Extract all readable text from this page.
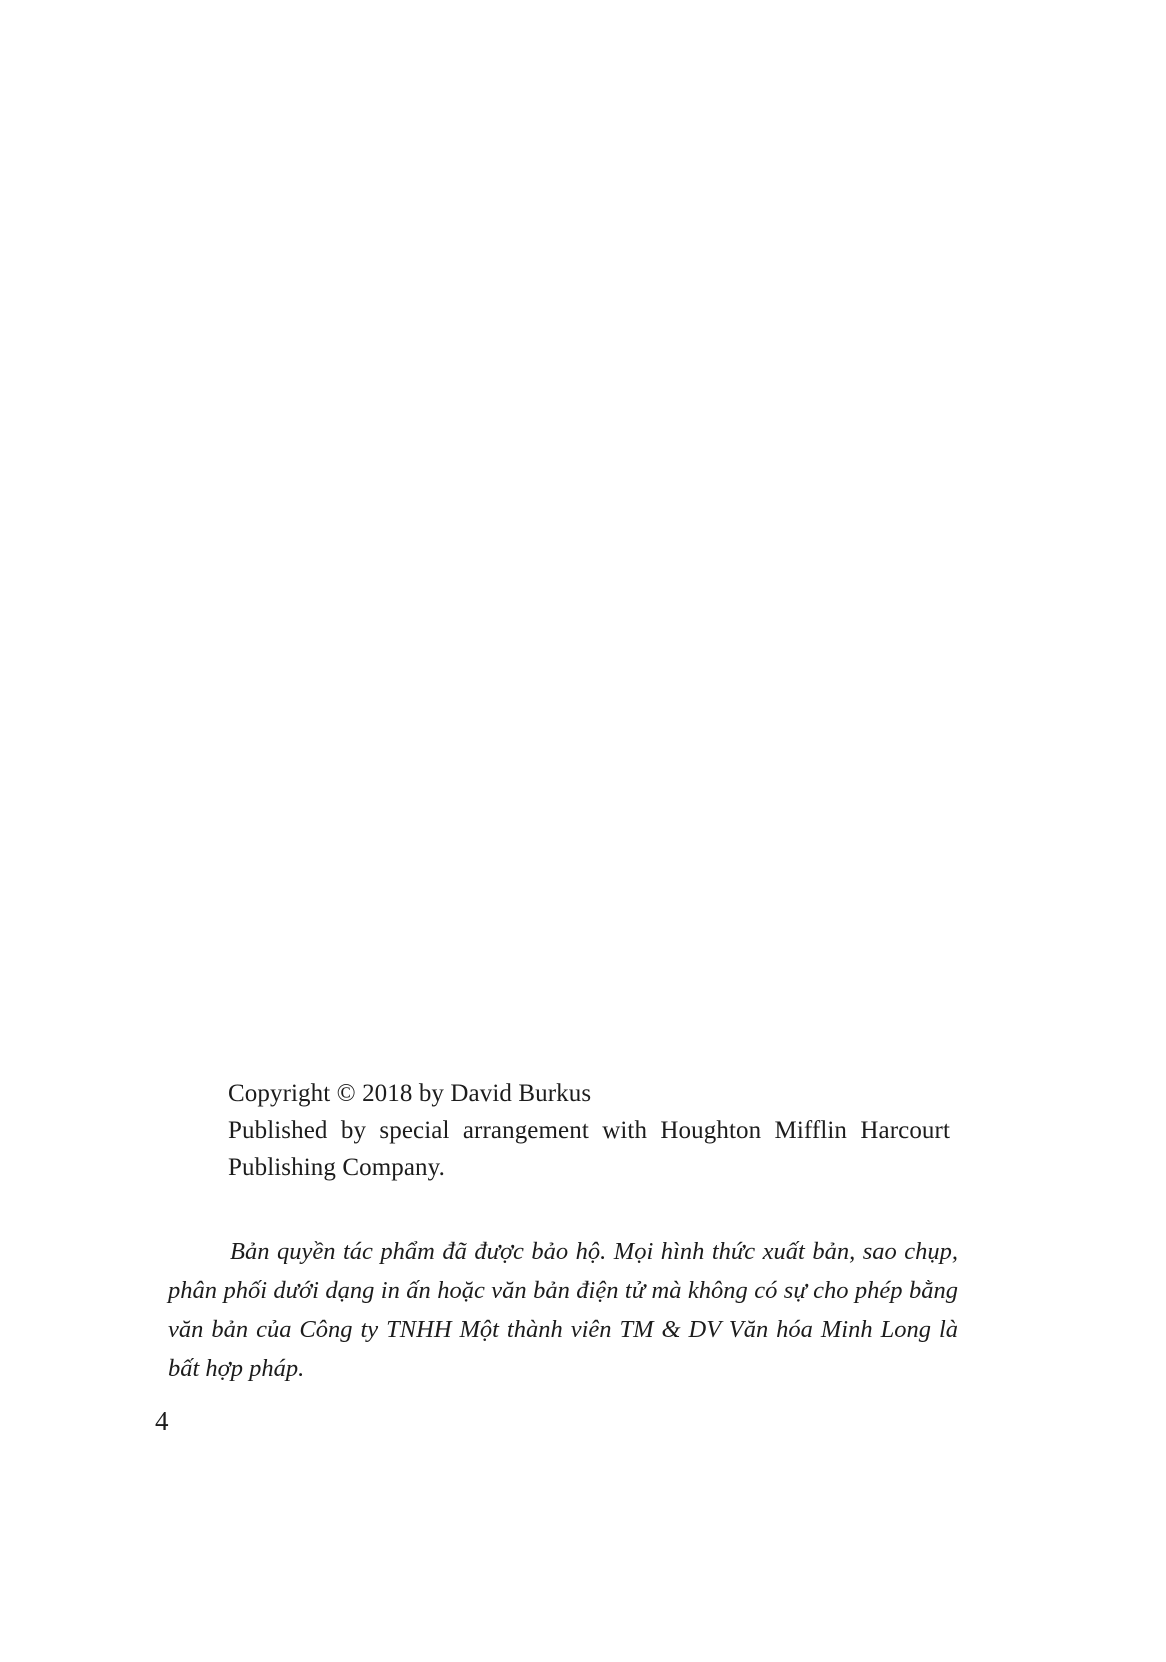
Copyright © 2018 by David Burkus
Published by special arrangement with Houghton Mifflin Harcourt Publishing Company.
Bản quyền tác phẩm đã được bảo hộ. Mọi hình thức xuất bản, sao chụp, phân phối dưới dạng in ấn hoặc văn bản điện tử mà không có sự cho phép bằng văn bản của Công ty TNHH Một thành viên TM & DV Văn hóa Minh Long là bất hợp pháp.
4
